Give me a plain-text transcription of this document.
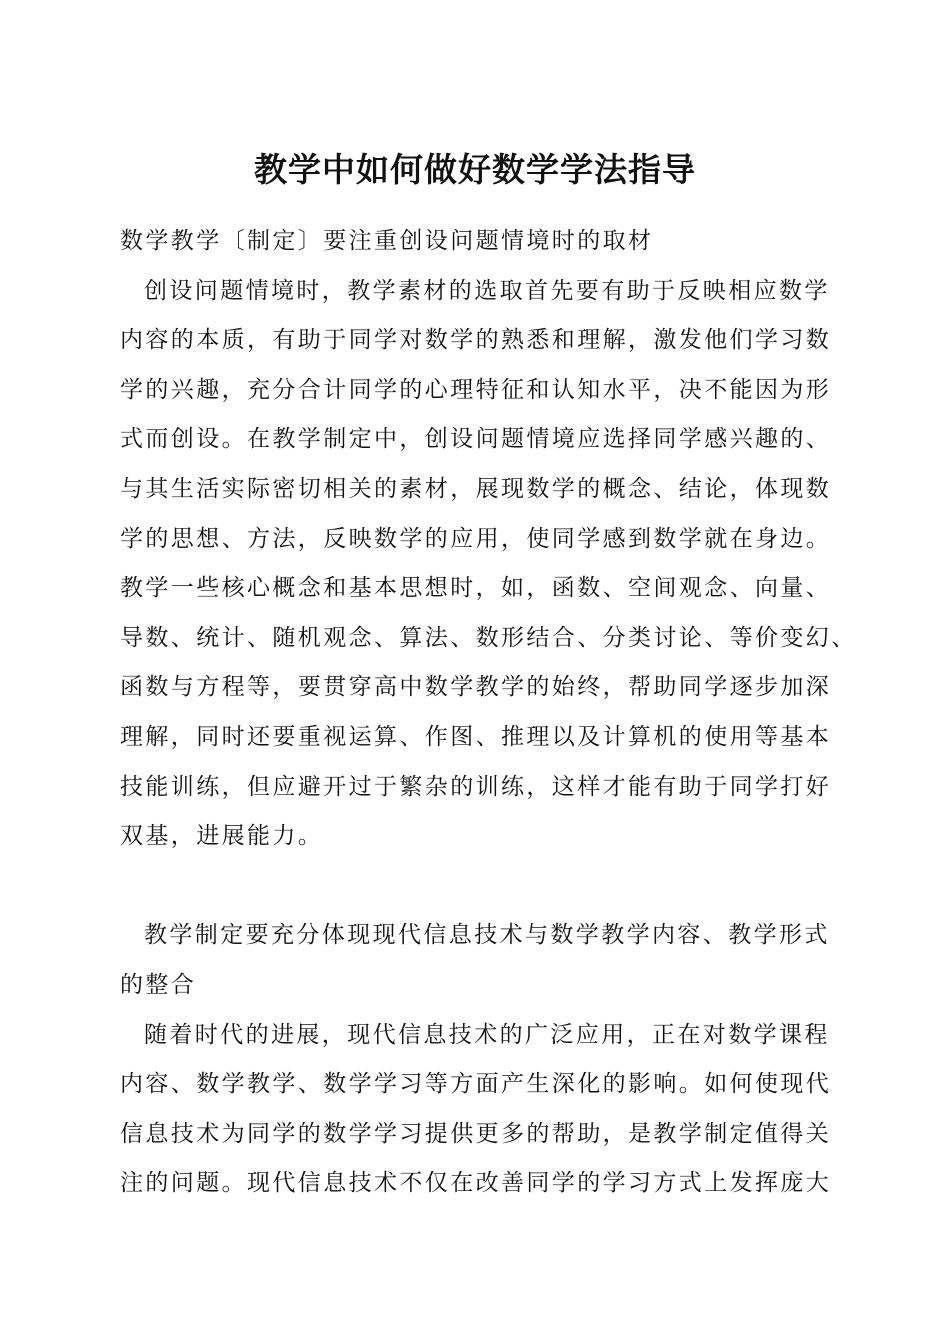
教学中如何做好数学学法指导
数学教学〔制定〕要注重创设问题情境时的取材
创设问题情境时，教学素材的选取首先要有助于反映相应数学
内容的本质，有助于同学对数学的熟悉和理解，激发他们学习数
学的兴趣，充分合计同学的心理特征和认知水平，决不能因为形
式而创设。在教学制定中，创设问题情境应选择同学感兴趣的、
与其生活实际密切相关的素材，展现数学的概念、结论，体现数
学的思想、方法，反映数学的应用，使同学感到数学就在身边。
教学一些核心概念和基本思想时，如，函数、空间观念、向量、
导数、统计、随机观念、算法、数形结合、分类讨论、等价变幻、
函数与方程等，要贯穿高中数学教学的始终，帮助同学逐步加深
理解，同时还要重视运算、作图、推理以及计算机的使用等基本
技能训练，但应避开过于繁杂的训练，这样才能有助于同学打好
双基，进展能力。
教学制定要充分体现现代信息技术与数学教学内容、教学形式
的整合
随着时代的进展，现代信息技术的广泛应用，正在对数学课程
内容、数学教学、数学学习等方面产生深化的影响。如何使现代
信息技术为同学的数学学习提供更多的帮助，是教学制定值得关
注的问题。现代信息技术不仅在改善同学的学习方式上发挥庞大
